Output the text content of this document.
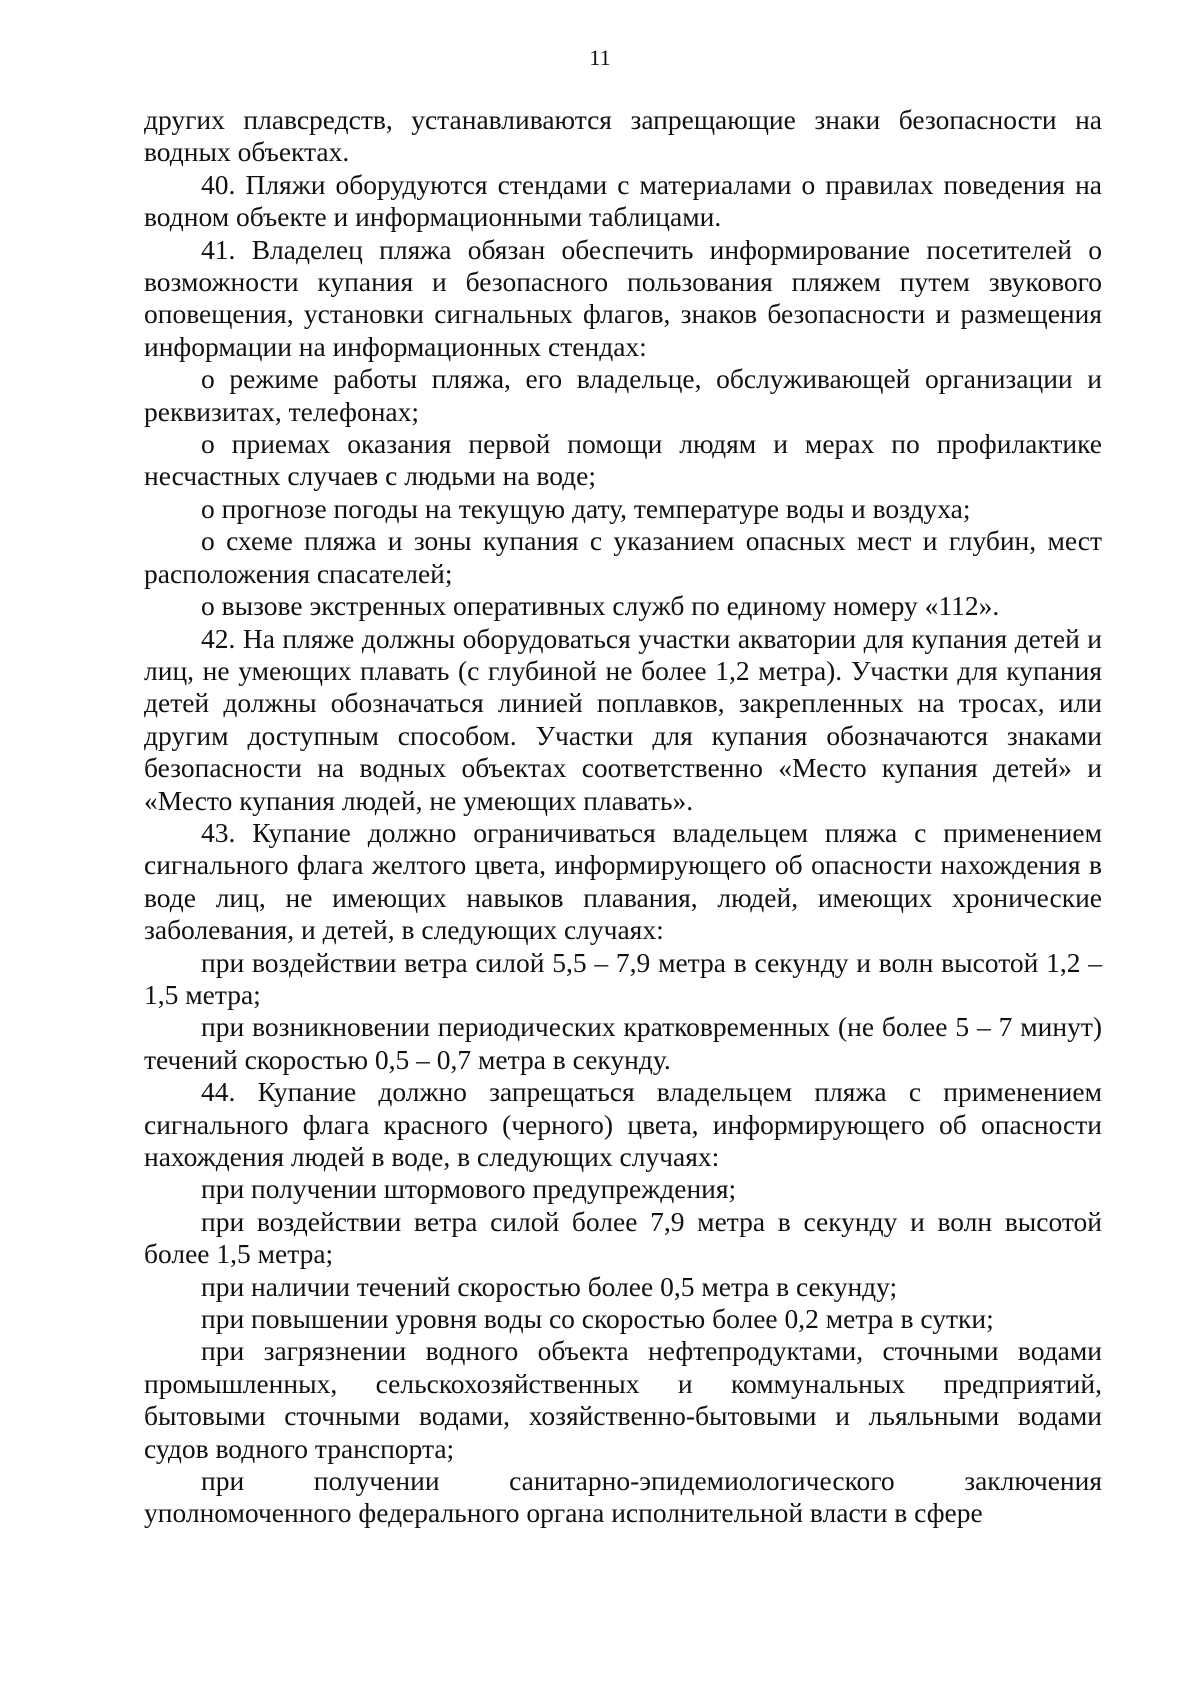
11

других плавсредств, устанавливаются запрещающие знаки безопасности на водных объектах.

40. Пляжи оборудуются стендами с материалами о правилах поведения на водном объекте и информационными таблицами.

41. Владелец пляжа обязан обеспечить информирование посетителей о возможности купания и безопасного пользования пляжем путем звукового оповещения, установки сигнальных флагов, знаков безопасности и размещения информации на информационных стендах:

о режиме работы пляжа, его владельце, обслуживающей организации и реквизитах, телефонах;

о приемах оказания первой помощи людям и мерах по профилактике несчастных случаев с людьми на воде;

о прогнозе погоды на текущую дату, температуре воды и воздуха;

о схеме пляжа и зоны купания с указанием опасных мест и глубин, мест расположения спасателей;

о вызове экстренных оперативных служб по единому номеру «112».

42. На пляже должны оборудоваться участки акватории для купания детей и лиц, не умеющих плавать (с глубиной не более 1,2 метра). Участки для купания детей должны обозначаться линией поплавков, закрепленных на тросах, или другим доступным способом. Участки для купания обозначаются знаками безопасности на водных объектах соответственно «Место купания детей» и «Место купания людей, не умеющих плавать».

43. Купание должно ограничиваться владельцем пляжа с применением сигнального флага желтого цвета, информирующего об опасности нахождения в воде лиц, не имеющих навыков плавания, людей, имеющих хронические заболевания, и детей, в следующих случаях:

при воздействии ветра силой 5,5 – 7,9 метра в секунду и волн высотой 1,2 – 1,5 метра;

при возникновении периодических кратковременных (не более 5 – 7 минут) течений скоростью 0,5 – 0,7 метра в секунду.

44. Купание должно запрещаться владельцем пляжа с применением сигнального флага красного (черного) цвета, информирующего об опасности нахождения людей в воде, в следующих случаях:

при получении штормового предупреждения;

при воздействии ветра силой более 7,9 метра в секунду и волн высотой более 1,5 метра;

при наличии течений скоростью более 0,5 метра в секунду;

при повышении уровня воды со скоростью более 0,2 метра в сутки;

при загрязнении водного объекта нефтепродуктами, сточными водами промышленных, сельскохозяйственных и коммунальных предприятий, бытовыми сточными водами, хозяйственно-бытовыми и льяльными водами судов водного транспорта;

при получении санитарно-эпидемиологического заключения уполномоченного федерального органа исполнительной власти в сфере
